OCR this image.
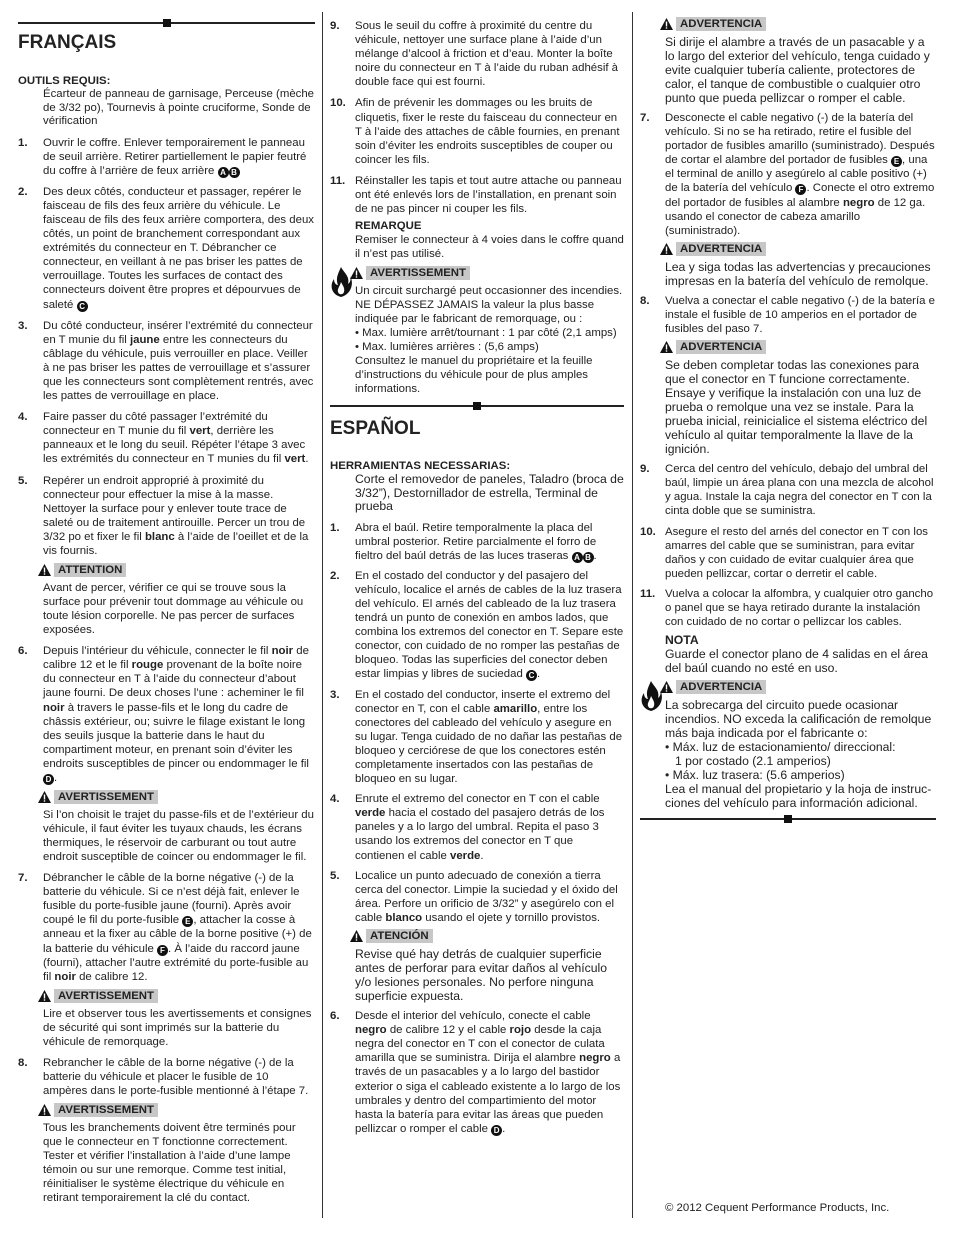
FRANÇAIS

OUTILS REQUIS:

Écarteur de panneau de garnisage, Perceuse (mèche de 3/32 po), Tournevis à pointe cruciforme, Sonde de vérification

1. Ouvrir le coffre. Enlever temporairement le panneau de seuil arrière. Retirer partiellement le papier feutré du coffre à l’arrière de feux arrière A B
2. Des deux côtés, conducteur et passager, repérer le faisceau de fils des feux arrière du véhicule. Le faisceau de fils des feux arrière comportera, des deux côtés, un point de branchement correspondant aux extrémités du connecteur en T. Débrancher ce connecteur, en veillant à ne pas briser les pattes de verrouillage. Toutes les surfaces de contact des connecteurs doivent être propres et dépourvues de saleté C
3. Du côté conducteur, insérer l’extrémité du connecteur en T munie du fil jaune entre les connecteurs du câblage du véhicule, puis verrouiller en place. Veiller à ne pas briser les pattes de verrouillage et s’assurer que les connecteurs sont complètement rentrés, avec les pattes de verrouillage en place.
4. Faire passer du côté passager l’extrémité du connecteur en T munie du fil vert, derrière les panneaux et le long du seuil. Répéter l’étape 3 avec les extrémités du connecteur en T munies du fil vert.
5. Repérer un endroit approprié à proximité du connecteur pour effectuer la mise à la masse. Nettoyer la surface pour y enlever toute trace de saleté ou de traitement antirouille. Percer un trou de 3/32 po et fixer le fil blanc à l’aide de l’oeillet et de la vis fournis.
ATTENTION

Avant de percer, vérifier ce qui se trouve sous la surface pour prévenir tout dommage au véhicule ou toute lésion corporelle. Ne pas percer de surfaces exposées.

6. Depuis l’intérieur du véhicule, connecter le fil noir de calibre 12 et le fil rouge provenant de la boîte noire du connecteur en T à l’aide du connecteur d’about jaune fourni. De deux choses l’une : acheminer le fil noir à travers le passe-fils et le long du cadre de châssis extérieur, ou; suivre le filage existant le long des seuils jusque la batterie dans le haut du compartiment moteur, en prenant soin d’éviter les endroits susceptibles de pincer ou endommager le fil D .
AVERTISSEMENT

Si l’on choisit le trajet du passe-fils et de l’extérieur du véhicule, il faut éviter les tuyaux chauds, les écrans thermiques, le réservoir de carburant ou tout autre endroit susceptible de coincer ou endommager le fil.

7. Débrancher le câble de la borne négative (-) de la batterie du véhicule. Si ce n’est déjà fait, enlever le fusible du porte-fusible jaune (fourni). Après avoir coupé le fil du porte-fusible E , attacher la cosse à anneau et la fixer au câble de la borne positive (+) de la batterie du véhicule F . À l’aide du raccord jaune (fourni), attacher l’autre extrémité du porte-fusible au fil noir de calibre 12.
AVERTISSEMENT

Lire et observer tous les avertissements et consignes de sécurité qui sont imprimés sur la batterie du véhicule de remorquage.

8. Rebrancher le câble de la borne négative (-) de la batterie du véhicule et placer le fusible de 10 ampères dans le porte-fusible mentionné à l’étape 7.
AVERTISSEMENT

Tous les branchements doivent être terminés pour que le connecteur en T fonctionne correctement. Tester et vérifier l’installation à l’aide d’une lampe témoin ou sur une remorque. Comme test initial, réinitialiser le système électrique du véhicule en retirant temporairement la clé du contact.

9. Sous le seuil du coffre à proximité du centre du véhicule, nettoyer une surface plane à l’aide d’un mélange d’alcool à friction et d’eau. Monter la boîte noire du connecteur en T à l’aide du ruban adhésif à double face qui est fourni.
10. Afin de prévenir les dommages ou les bruits de cliquetis, fixer le reste du faisceau du connecteur en T à l’aide des attaches de câble fournies, en prenant soin d’éviter les endroits susceptibles de couper ou coincer les fils.
11. Réinstaller les tapis et tout autre attache ou panneau ont été enlevés lors de l’installation, en prenant soin de ne pas pincer ni couper les fils.
REMARQUE

Remiser le connecteur à 4 voies dans le coffre quand il n’est pas utilisé.

AVERTISSEMENT
Un circuit surchargé peut occasionner des incendies. NE DÉPASSEZ JAMAIS la valeur la plus basse indiquée par le fabricant de remorquage, ou :
• Max. lumière arrêt/tournant : 1 par côté (2,1 amps)
• Max. lumières arrières : (5,6 amps)
Consultez le manuel du propriétaire et la feuille d’instructions du véhicule pour de plus amples informations.
ESPAÑOL

HERRAMIENTAS NECESSARIAS:

Corte el removedor de paneles, Taladro (broca de 3/32”), Destornillador de estrella, Terminal de prueba

1. Abra el baúl. Retire temporalmente la placa del umbral posterior. Retire parcialmente el forro de fieltro del baúl detrás de las luces traseras A B .
2. En el costado del conductor y del pasajero del vehículo, localice el arnés de cables de la luz trasera del vehículo. El arnés del cableado de la luz trasera tendrá un punto de conexión en ambos lados, que combina los extremos del conector en T. Separe este conector, con cuidado de no romper las pestañas de bloqueo. Todas las superficies del conector deben estar limpias y libres de suciedad C .
3. En el costado del conductor, inserte el extremo del conector en T, con el cable amarillo, entre los conectores del cableado del vehículo y asegure en su lugar. Tenga cuidado de no dañar las pestañas de bloqueo y cerciórese de que los conectores estén completamente insertados con las pestañas de bloqueo en su lugar.
4. Enrute el extremo del conector en T con el cable verde hacia el costado del pasajero detrás de los paneles y a lo largo del umbral. Repita el paso 3 usando los extremos del conector en T que contienen el cable verde.
5. Localice un punto adecuado de conexión a tierra cerca del conector. Limpie la suciedad y el óxido del área. Perfore un orificio de 3/32” y asegúrelo con el cable blanco usando el ojete y tornillo provistos.
ATENCIÓN

Revise qué hay detrás de cualquier superficie antes de perforar para evitar daños al vehículo y/o lesiones personales. No perfore ninguna superficie expuesta.

6. Desde el interior del vehículo, conecte el cable negro de calibre 12 y el cable rojo desde la caja negra del conector en T con el conector de culata amarilla que se suministra. Dirija el alambre negro a través de un pasacables y a lo largo del bastidor exterior o siga el cableado existente a lo largo de los umbrales y dentro del compartimiento del motor hasta la batería para evitar las áreas que pueden pellizcar o romper el cable D .
ADVERTENCIA

Si dirije el alambre a través de un pasacable y a lo largo del exterior del vehículo, tenga cuidado y evite cualquier tubería caliente, protectores de calor, el tanque de combustible o cualquier otro punto que pueda pellizcar o romper el cable.

7. Desconecte el cable negativo (-) de la batería del vehículo. Si no se ha retirado, retire el fusible del portador de fusibles amarillo (suministrado). Después de cortar el alambre del portador de fusibles E , una el terminal de anillo y asegúrelo al cable positivo (+) de la batería del vehículo F . Conecte el otro extremo del portador de fusibles al alambre negro de 12 ga. usando el conector de cabeza amarillo (suministrado).
ADVERTENCIA

Lea y siga todas las advertencias y precauciones impresas en la batería del vehículo de remolque.

8. Vuelva a conectar el cable negativo (-) de la batería e instale el fusible de 10 amperios en el portador de fusibles del paso 7.
ADVERTENCIA

Se deben completar todas las conexiones para que el conector en T funcione correctamente. Ensaye y verifique la instalación con una luz de prueba o remolque una vez se instale. Para la prueba inicial, reinicialice el sistema eléctrico del vehículo al quitar temporalmente la llave de la ignición.

9. Cerca del centro del vehículo, debajo del umbral del baúl, limpie un área plana con una mezcla de alcohol y agua. Instale la caja negra del conector en T con la cinta doble que se suministra.
10. Asegure el resto del arnés del conector en T con los amarres del cable que se suministran, para evitar daños y con cuidado de evitar cualquier área que pueden pellizcar, cortar o derretir el cable.
11. Vuelva a colocar la alfombra, y cualquier otro gancho o panel que se haya retirado durante la instalación con cuidado de no cortar o pellizcar los cables.
NOTA

Guarde el conector plano de 4 salidas en el área del baúl cuando no esté en uso.

ADVERTENCIA
La sobrecarga del circuito puede ocasionar incendios. NO exceda la calificación de remolque más baja indicada por el fabricante o:
• Máx. luz de estacionamiento/ direccional:
1 por costado (2.1 amperios)
• Máx. luz trasera: (5.6 amperios)
Lea el manual del propietario y la hoja de instruc-ciones del vehículo para información adicional.
© 2012 Cequent Performance Products, Inc.
